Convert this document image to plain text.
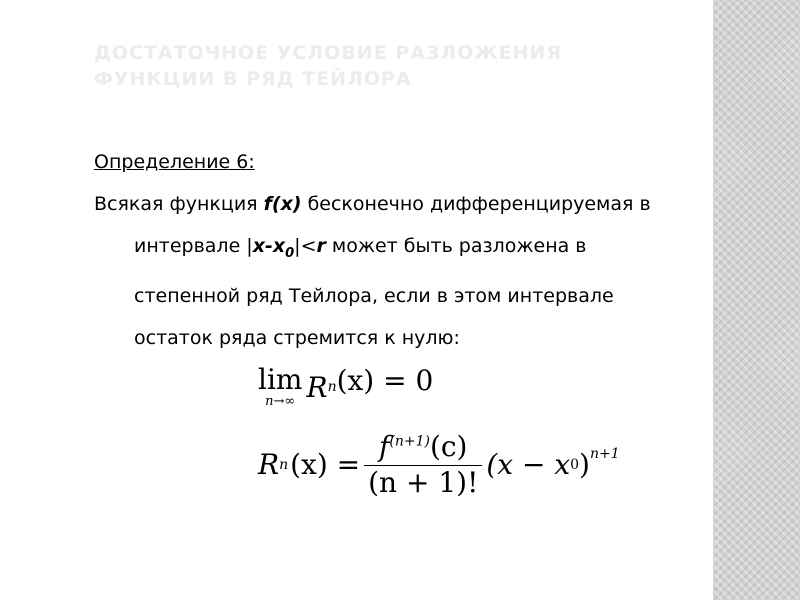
ДОСТАТОЧНОЕ УСЛОВИЕ РАЗЛОЖЕНИЯ
ФУНКЦИИ В РЯД ТЕЙЛОРА

Определение 6:

Всякая функция f(x) бесконечно дифференцируемая в

интервале $|x-x_0|<r$ может быть разложена в

степенной ряд Тейлора, если в этом интервале

остаток ряда стремится к нулю:

lim
n→∞ R n (x) = 0
R n $(x) = \frac{f^{(n+1)}(c)}{(n + 1)!} (x - x$ 0 ) n+1
